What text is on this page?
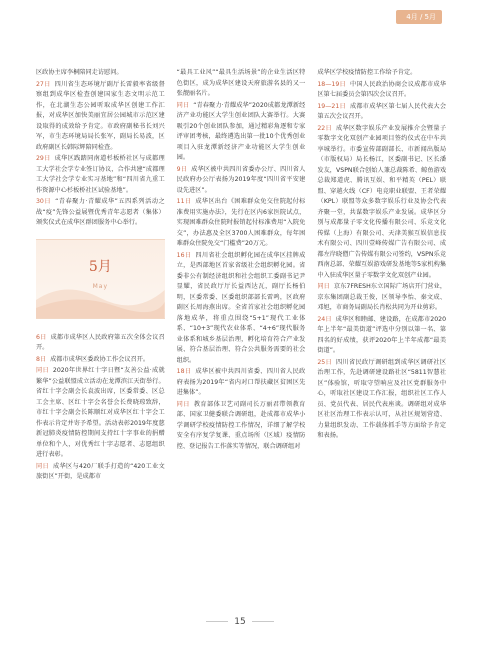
4月 / 5月

区政协主席李桐陪同走访慰问。

27日 四川省生态环境厅副厅长雷毅率省级督察组到成华区检查创建国家生态文明示范工作，在北湖生态公园听取成华区创建工作汇报，对成华区加快美丽宜居公园城市示范区建设取得的成效给予肯定。市政府副秘书长刘兴军，市生态环境局局长张军，副局长易波，区政府副区长韩际辉陪同检查。

29日 成华区践踏同南道杉板桥社区与成都理工大学社会学专业签订协议，合作共建“成都理工大学社会学专业实习基地”和“四川省九重工作资源中心杉板桥社区试验基地”。

30日 “青春聚力·青耀成华”五四系列活动之战“疫”先锋公益展暨优秀青年志愿者（集体）颁奖仪式在成华区群团服务中心举行。

5月
May

6日 成都市成华区人民政府第五次全体会议召开。

8日 成都市成华区委政协工作会议召开。

同日 2020年世界红十字日暨“友善公益·成就繁华”公益联盟成立活动在龙潭滨江天街举行。省红十字会副会长袁波出席，区委常委、区总工会主席、区红十字会名誉会长费晓琼致辞，市红十字会副会长陈顺红对成华区红十字会工作表示肯定并寄予希望。活动表彰2019年度慈新冠肺炎疫情防控期间支持红十字事业的捐赠单位和个人，对优秀红十字志愿者、志愿组织进行表彰。

同日 成华区与420厂联手打造的“420工业文旅街区”开街，是成都市

“最具工业风”“最具生活场景”的企业生活区特色街区，成为成华区建设天府旅游名县的又一张靓丽名片。

同日 “青春聚力·青耀成华”2020成都龙潭新经济产业功能区大学生创业团队大赛举行。大赛吸引20个创业团队参加，通过精彩角逐和专家评审团考核，最终遴选出第一批10个优秀创业项目入驻龙潭新经济产业功能区大学生创业园。

9日 成华区被中共四川省委办公厅、四川省人民政府办公厅表扬为2019年度“四川省平安建设先进区”。

11日 成华区出台《困难群众免交住院起付标准费用实施办法》，先行在区内6家医院试点，实现困难群众住院时报销起付标准费用“入院免交”，办法惠及全区3700人困难群众，每年困难群众住院免交“门槛费”20万元。

16日 四川省社会组织孵化园在成华区挂牌成立，是西部地区首家省级社会组织孵化园。省委非公有制经济组织和社会组织工委副书记尹显耀，省民政厅厅长益西达瓦，副厅长杨伯明，区委常委、区委组织部部长雷鸣，区政府副区长周海燕出席。全省首家社会组织孵化园落地成华，将重点围绕“5+1”现代工业体系、“10+3”现代农业体系、“4+6”现代服务业体系和城乡基层治理，孵化培育符合产业发展、符合基层治理、符合公共服务需要的社会组织。

18日 成华区被中共四川省委、四川省人民政府表扬为2019年“省内对口帮扶藏区贫困区先进集体”。

同日 教育部体卫艺司副司长万丽君带领教育部、国家卫健委联合调研组，赴成都市成华小学调研学校疫情防控工作情况，详细了解学校安全有序复学复课、重点场所（区域）疫情防控、登记报告工作落实等情况，联合调研组对

成华区学校疫情防控工作给予肯定。

18—19日 中国人民政治协商会议成都市成华区第七届委员会第四次会议召开。

19—21日 成都市成华区第七届人民代表大会第五次会议召开。

22日 成华区数字娱乐产业发展推介会暨量子零数字文化双创产业园项目签约仪式在中车共享城举行。市委宣传部副部长、市新闻出版局（市版权局）局长杨江，区委副书记、区长潘发友，VSPN联合创始人兼总裁陈希、鲸鱼游戏总裁郑道虎、腾讯互娱、和平精英（PEL）联盟、穿越火线（CF）电竞职业联盟、王者荣耀（KPL）联盟等众多数字娱乐行业及协会代表齐聚一堂，共谋数字娱乐产业发展。成华区分别与成都量子零文化传播有限公司、乐竞文化传媒（上海）有限公司、天津美猴互娱信息技术有限公司、四川壹峰传媒广告有限公司、成都左岸晓僧广告传媒有限公司签约，VSPN乐竞西南总部、荣耀互娱游戏研发基地等5家机构集中入驻成华区量子零数字文化双创产业园。

同日 京东7FRESH东立国际广场店开门营业，京东集团副总裁王俊，区领导李怡、秦文成、邓旭，市商务局副局长肖松共同为开业剪彩。

24日 成华区和睦邮、建设路，在成都市2020年上半年“最美街道”评选中分别以第一名、第四名的好成绩，获评2020年上半年成都“最美街道”。

25日 四川省民政厅调研组到成华区调研社区治理工作，先赴调研建设路社区“5811智慧社区”体验馆，听取守望响应及社区党群服务中心，听取社区建设工作汇报，组织社区工作人员、党员代表、居民代表座谈。调研组对成华区社区治理工作表示认可，从社区规划营造、力量组织发动、工作载体抓手等方面给予肯定和表扬。

15
